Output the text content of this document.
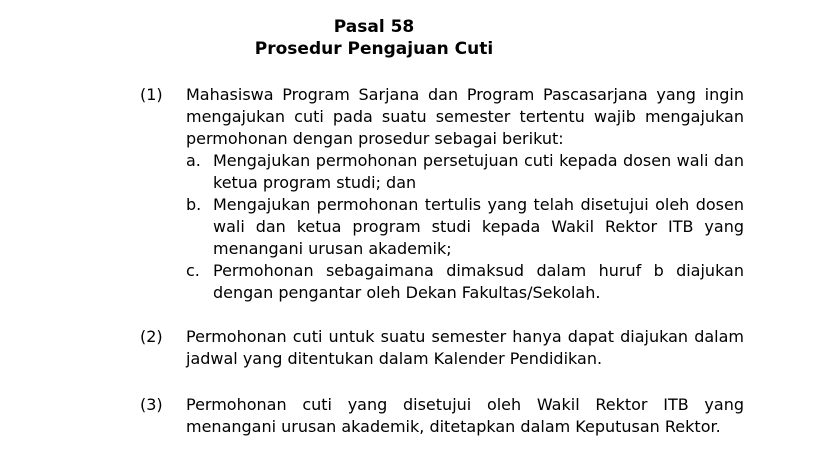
Pasal 58
Prosedur Pengajuan Cuti
(1) Mahasiswa Program Sarjana dan Program Pascasarjana yang ingin mengajukan cuti pada suatu semester tertentu wajib mengajukan permohonan dengan prosedur sebagai berikut:
a. Mengajukan permohonan persetujuan cuti kepada dosen wali dan ketua program studi; dan
b. Mengajukan permohonan tertulis yang telah disetujui oleh dosen wali dan ketua program studi kepada Wakil Rektor ITB yang menangani urusan akademik;
c. Permohonan sebagaimana dimaksud dalam huruf b diajukan dengan pengantar oleh Dekan Fakultas/Sekolah.
(2) Permohonan cuti untuk suatu semester hanya dapat diajukan dalam jadwal yang ditentukan dalam Kalender Pendidikan.
(3) Permohonan cuti yang disetujui oleh Wakil Rektor ITB yang menangani urusan akademik, ditetapkan dalam Keputusan Rektor.
